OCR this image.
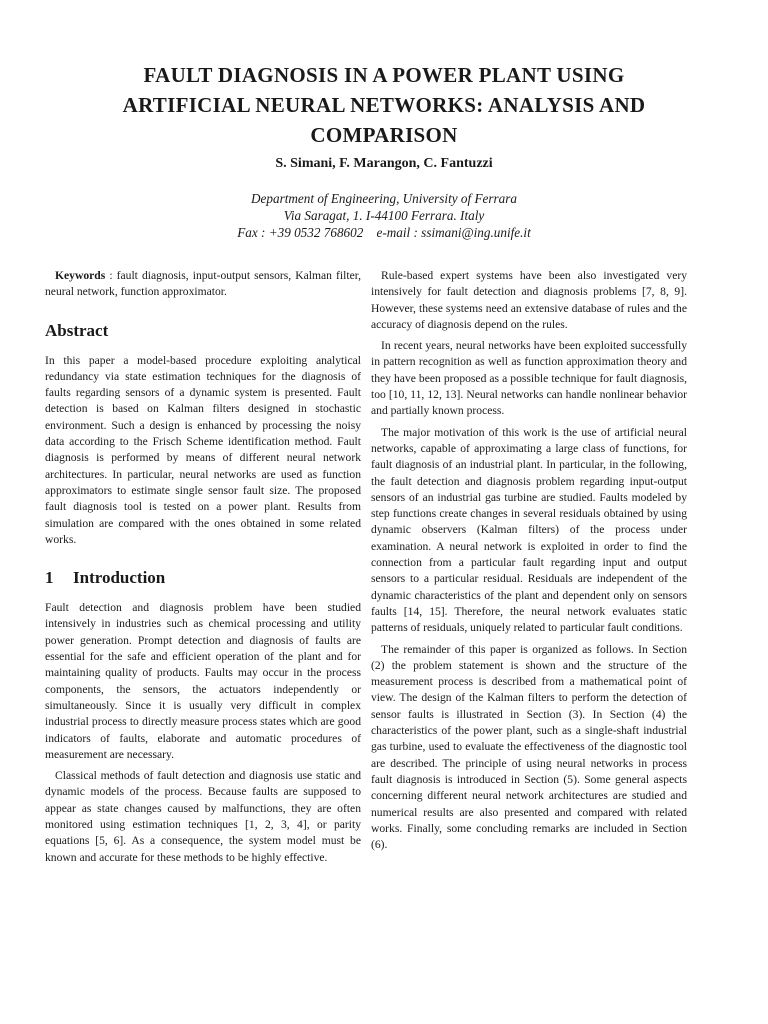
FAULT DIAGNOSIS IN A POWER PLANT USING
ARTIFICIAL NEURAL NETWORKS: ANALYSIS AND
COMPARISON
S. Simani, F. Marangon, C. Fantuzzi
Department of Engineering, University of Ferrara
Via Saragat, 1. I-44100 Ferrara. Italy
Fax : +39 0532 768602    e-mail : ssimani@ing.unife.it

Keywords : fault diagnosis, input-output sensors, Kalman filter, neural network, function approximator.

Abstract

In this paper a model-based procedure exploiting analytical redundancy via state estimation techniques for the diagnosis of faults regarding sensors of a dynamic system is presented. Fault detection is based on Kalman filters designed in stochastic environment. Such a design is enhanced by processing the noisy data according to the Frisch Scheme identification method. Fault diagnosis is performed by means of different neural network architectures. In particular, neural networks are used as function approximators to estimate single sensor fault size. The proposed fault diagnosis tool is tested on a power plant. Results from simulation are compared with the ones obtained in some related works.

1 Introduction

Fault detection and diagnosis problem have been studied intensively in industries such as chemical processing and utility power generation. Prompt detection and diagnosis of faults are essential for the safe and efficient operation of the plant and for maintaining quality of products. Faults may occur in the process components, the sensors, the actuators independently or simultaneously. Since it is usually very difficult in complex industrial process to directly measure process states which are good indicators of faults, elaborate and automatic procedures of measurement are necessary.

Classical methods of fault detection and diagnosis use static and dynamic models of the process. Because faults are supposed to appear as state changes caused by malfunctions, they are often monitored using estimation techniques [1, 2, 3, 4], or parity equations [5, 6]. As a consequence, the system model must be known and accurate for these methods to be highly effective.

Rule-based expert systems have been also investigated very intensively for fault detection and diagnosis problems [7, 8, 9]. However, these systems need an extensive database of rules and the accuracy of diagnosis depend on the rules.

In recent years, neural networks have been exploited successfully in pattern recognition as well as function approximation theory and they have been proposed as a possible technique for fault diagnosis, too [10, 11, 12, 13]. Neural networks can handle nonlinear behavior and partially known process.

The major motivation of this work is the use of artificial neural networks, capable of approximating a large class of functions, for fault diagnosis of an industrial plant. In particular, in the following, the fault detection and diagnosis problem regarding input-output sensors of an industrial gas turbine are studied. Faults modeled by step functions create changes in several residuals obtained by using dynamic observers (Kalman filters) of the process under examination. A neural network is exploited in order to find the connection from a particular fault regarding input and output sensors to a particular residual. Residuals are independent of the dynamic characteristics of the plant and dependent only on sensors faults [14, 15]. Therefore, the neural network evaluates static patterns of residuals, uniquely related to particular fault conditions.

The remainder of this paper is organized as follows. In Section (2) the problem statement is shown and the structure of the measurement process is described from a mathematical point of view. The design of the Kalman filters to perform the detection of sensor faults is illustrated in Section (3). In Section (4) the characteristics of the power plant, such as a single-shaft industrial gas turbine, used to evaluate the effectiveness of the diagnostic tool are described. The principle of using neural networks in process fault diagnosis is introduced in Section (5). Some general aspects concerning different neural network architectures are studied and numerical results are also presented and compared with related works. Finally, some concluding remarks are included in Section (6).
